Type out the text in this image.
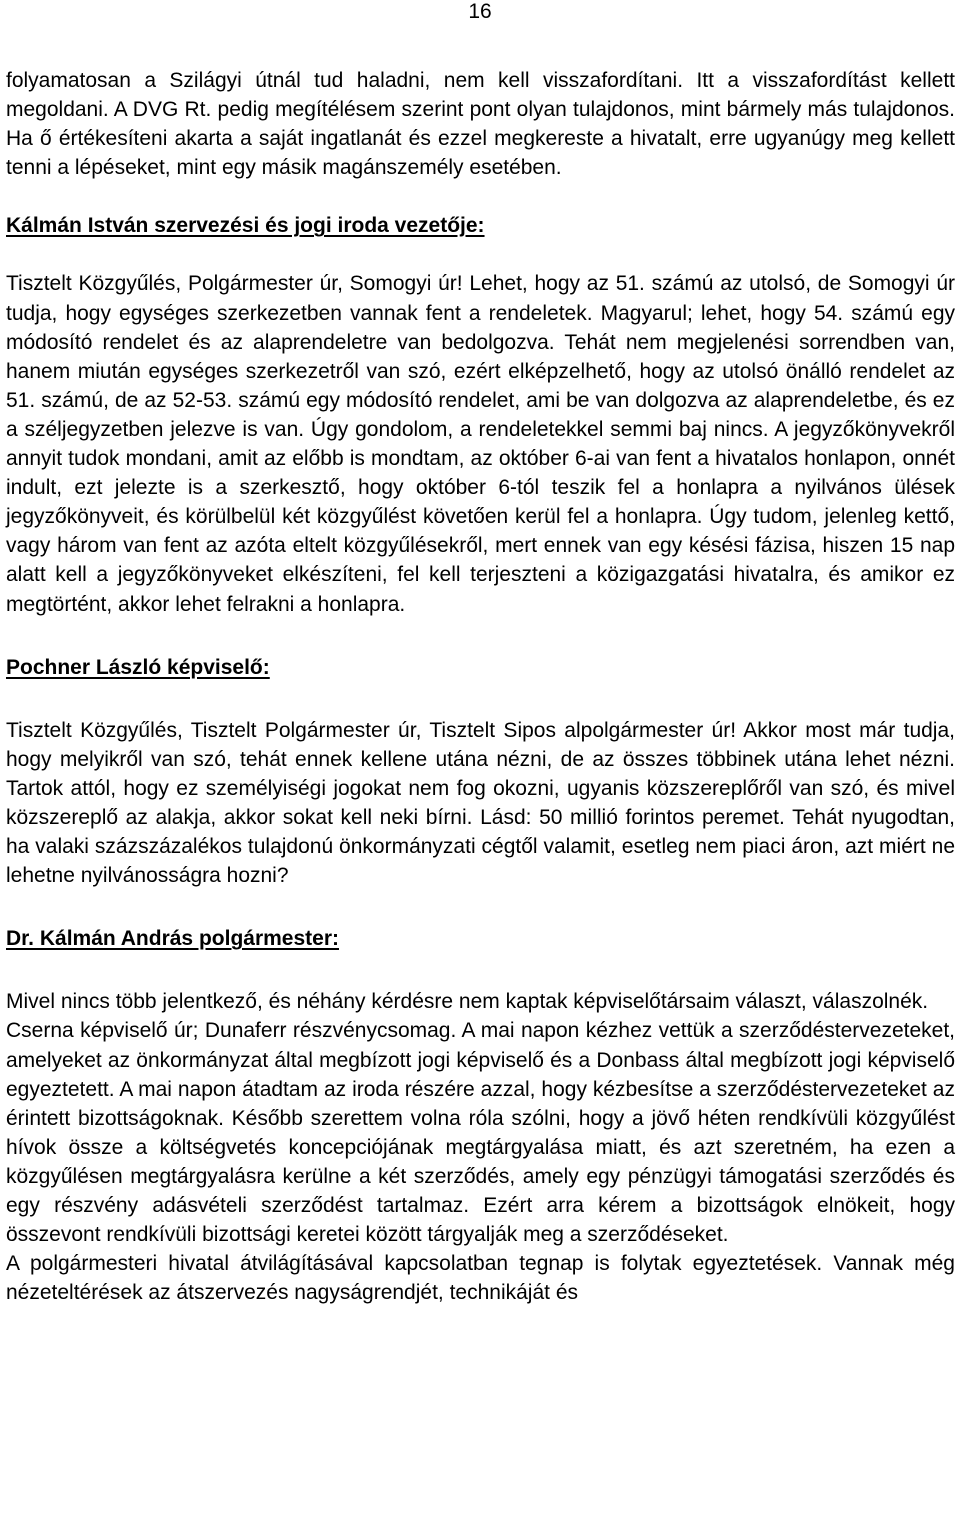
16

folyamatosan a Szilágyi útnál tud haladni, nem kell visszafordítani. Itt a visszafordítást kellett megoldani. A DVG Rt. pedig megítélésem szerint pont olyan tulajdonos, mint bármely más tulajdonos. Ha ő értékesíteni akarta a saját ingatlanát és ezzel megkereste a hivatalt, erre ugyanúgy meg kellett tenni a lépéseket, mint egy másik magánszemély esetében.

Kálmán István szervezési és jogi iroda vezetője:

Tisztelt Közgyűlés, Polgármester úr, Somogyi úr! Lehet, hogy az 51. számú az utolsó, de Somogyi úr tudja, hogy egységes szerkezetben vannak fent a rendeletek. Magyarul; lehet, hogy 54. számú egy módosító rendelet és az alaprendeletre van bedolgozva. Tehát nem megjelenési sorrendben van, hanem miután egységes szerkezetről van szó, ezért elképzelhető, hogy az utolsó önálló rendelet az 51. számú, de az 52-53. számú egy módosító rendelet, ami be van dolgozva az alaprendeletbe, és ez a széljegyzetben jelezve is van. Úgy gondolom, a rendeletekkel semmi baj nincs. A jegyzőkönyvekről annyit tudok mondani, amit az előbb is mondtam, az október 6-ai van fent a hivatalos honlapon, onnét indult, ezt jelezte is a szerkesztő, hogy október 6-tól teszik fel a honlapra a nyilvános ülések jegyzőkönyveit, és körülbelül két közgyűlést követően kerül fel a honlapra. Úgy tudom, jelenleg kettő, vagy három van fent az azóta eltelt közgyűlésekről, mert ennek van egy késési fázisa, hiszen 15 nap alatt kell a jegyzőkönyveket elkészíteni, fel kell terjeszteni a közigazgatási hivatalra, és amikor ez megtörtént, akkor lehet felrakni a honlapra.

Pochner László képviselő:

Tisztelt Közgyűlés, Tisztelt Polgármester úr, Tisztelt Sipos alpolgármester úr! Akkor most már tudja, hogy melyikről van szó, tehát ennek kellene utána nézni, de az összes többinek utána lehet nézni. Tartok attól, hogy ez személyiségi jogokat nem fog okozni, ugyanis közszereplőről van szó, és mivel közszereplő az alakja, akkor sokat kell neki bírni. Lásd: 50 millió forintos peremet. Tehát nyugodtan, ha valaki százszázalékos tulajdonú önkormányzati cégtől valamit, esetleg nem piaci áron, azt miért ne lehetne nyilvánosságra hozni?

Dr. Kálmán András polgármester:

Mivel nincs több jelentkező, és néhány kérdésre nem kaptak képviselőtársaim választ, válaszolnék.

Cserna képviselő úr; Dunaferr részvénycsomag. A mai napon kézhez vettük a szerződéstervezeteket, amelyeket az önkormányzat által megbízott jogi képviselő és a Donbass által megbízott jogi képviselő egyeztetett. A mai napon átadtam az iroda részére azzal, hogy kézbesítse a szerződéstervezeteket az érintett bizottságoknak. Később szerettem volna róla szólni, hogy a jövő héten rendkívüli közgyűlést hívok össze a költségvetés koncepciójának megtárgyalása miatt, és azt szeretném, ha ezen a közgyűlésen megtárgyalásra kerülne a két szerződés, amely egy pénzügyi támogatási szerződés és egy részvény adásvételi szerződést tartalmaz. Ezért arra kérem a bizottságok elnökeit, hogy összevont rendkívüli bizottsági keretei között tárgyalják meg a szerződéseket.

A polgármesteri hivatal átvilágításával kapcsolatban tegnap is folytak egyeztetések. Vannak még nézeteltérések az átszervezés nagyságrendjét, technikáját és
